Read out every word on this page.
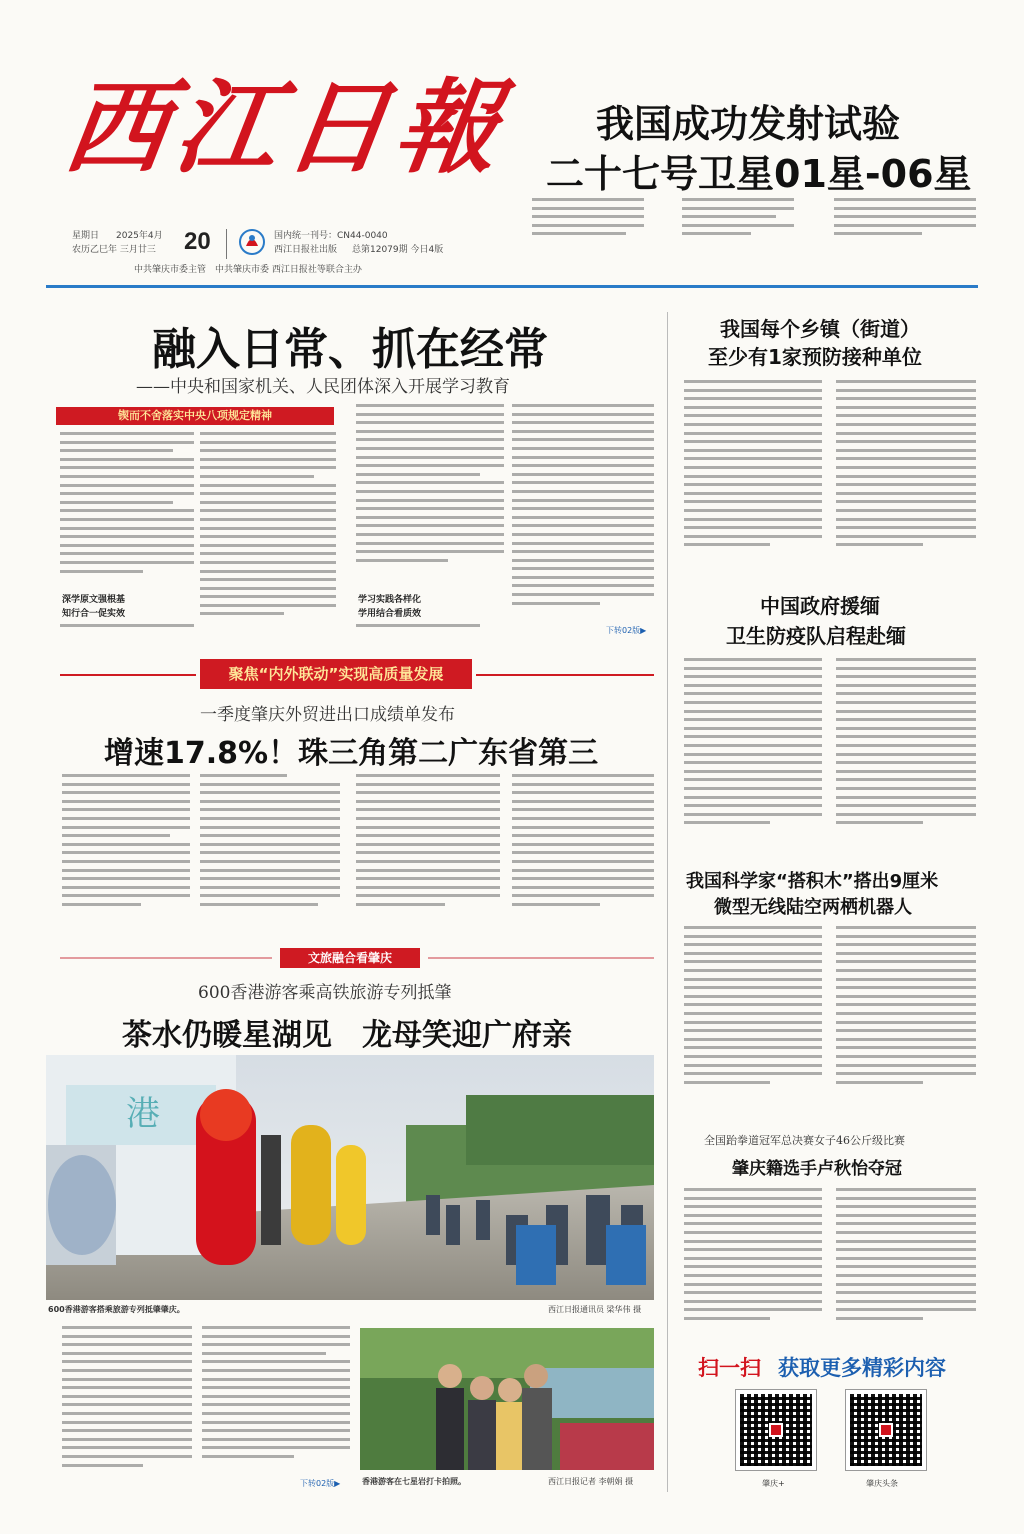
西江日報
星期日 2025年4月
农历乙巳年 三月廿三 20	国内统一刊号：CN44-0040
西江日报社出版 总第12079期 今日4版
中共肇庆市委主管　中共肇庆市委 西江日报社等联合主办
我国成功发射试验
二十七号卫星01星-06星
融入日常、抓在经常
——中央和国家机关、人民团体深入开展学习教育
锲而不舍落实中央八项规定精神
深学原文强根基
知行合一促实效
学习实践各样化
学用结合看质效
下转02版▶
聚焦“内外联动”实现高质量发展
一季度肇庆外贸进出口成绩单发布
增速17.8%！珠三角第二广东省第三
文旅融合看肇庆
600香港游客乘高铁旅游专列抵肇
茶水仍暖星湖见　龙母笑迎广府亲
港
600香港游客搭乘旅游专列抵肇肇庆。	西江日报通讯员 梁华伟 摄
下转02版▶	香港游客在七星岩打卡拍照。	西江日报记者 李朝娟 摄
我国每个乡镇（街道）
至少有1家预防接种单位
中国政府援缅
卫生防疫队启程赴缅
我国科学家“搭积木”搭出9厘米
微型无线陆空两栖机器人
全国跆拳道冠军总决赛女子46公斤级比赛
肇庆籍选手卢秋怡夺冠
扫一扫 获取更多精彩内容
肇庆+	肇庆头条
